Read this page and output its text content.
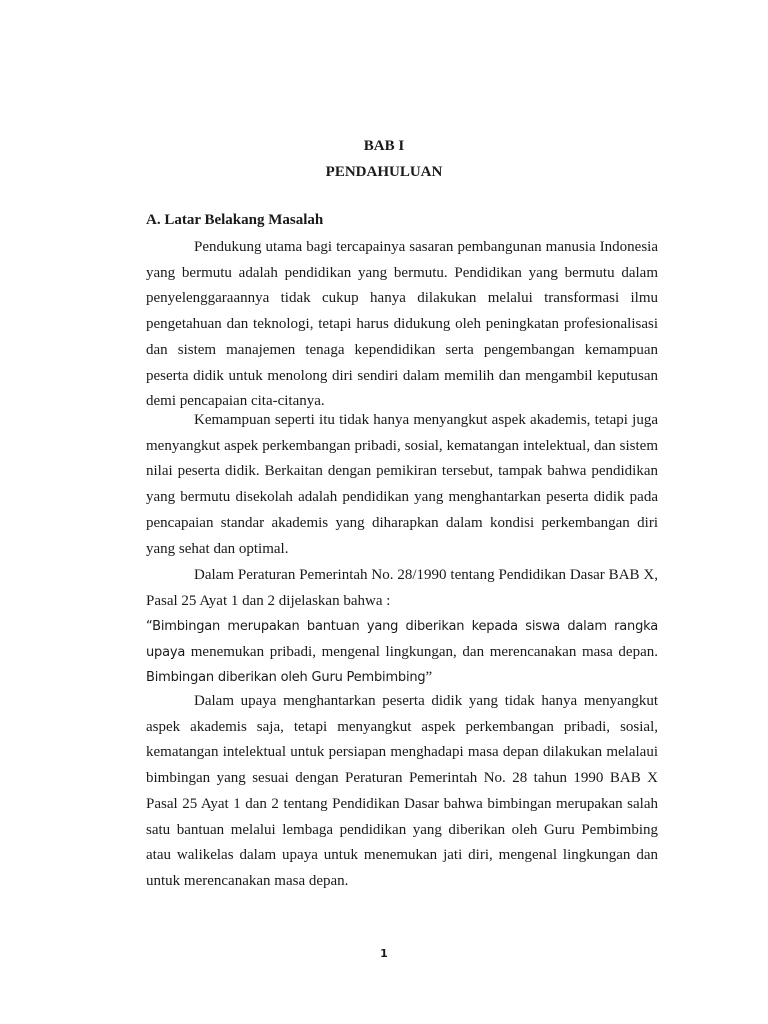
BAB I
PENDAHULUAN
A. Latar Belakang Masalah

Pendukung utama bagi tercapainya sasaran pembangunan manusia Indonesia yang bermutu adalah pendidikan yang bermutu. Pendidikan yang bermutu dalam penyelenggaraannya tidak cukup hanya dilakukan melalui transformasi ilmu pengetahuan dan teknologi, tetapi harus didukung oleh peningkatan profesionalisasi dan sistem manajemen tenaga kependidikan serta pengembangan kemampuan peserta didik untuk menolong diri sendiri dalam memilih dan mengambil keputusan demi pencapaian cita-citanya.

Kemampuan seperti itu tidak hanya menyangkut aspek akademis, tetapi juga menyangkut aspek perkembangan pribadi, sosial, kematangan intelektual, dan sistem nilai peserta didik. Berkaitan dengan pemikiran tersebut, tampak bahwa pendidikan yang bermutu disekolah adalah pendidikan yang menghantarkan peserta didik pada pencapaian standar akademis yang diharapkan dalam kondisi perkembangan diri yang sehat dan optimal.

Dalam Peraturan Pemerintah No. 28/1990 tentang Pendidikan Dasar BAB X, Pasal 25 Ayat 1 dan 2 dijelaskan bahwa :

“Bimbingan merupakan bantuan yang diberikan kepada siswa dalam rangka upaya menemukan pribadi, mengenal lingkungan, dan merencanakan masa depan. Bimbingan diberikan oleh Guru Pembimbing”

Dalam upaya menghantarkan peserta didik yang tidak hanya menyangkut aspek akademis saja, tetapi menyangkut aspek perkembangan pribadi, sosial, kematangan intelektual untuk persiapan menghadapi masa depan dilakukan melalaui bimbingan yang sesuai dengan Peraturan Pemerintah No. 28 tahun 1990 BAB X Pasal 25 Ayat 1 dan 2 tentang Pendidikan Dasar bahwa bimbingan merupakan salah satu bantuan melalui lembaga pendidikan yang diberikan oleh Guru Pembimbing atau walikelas dalam upaya untuk menemukan jati diri, mengenal lingkungan dan untuk merencanakan masa depan.

1
